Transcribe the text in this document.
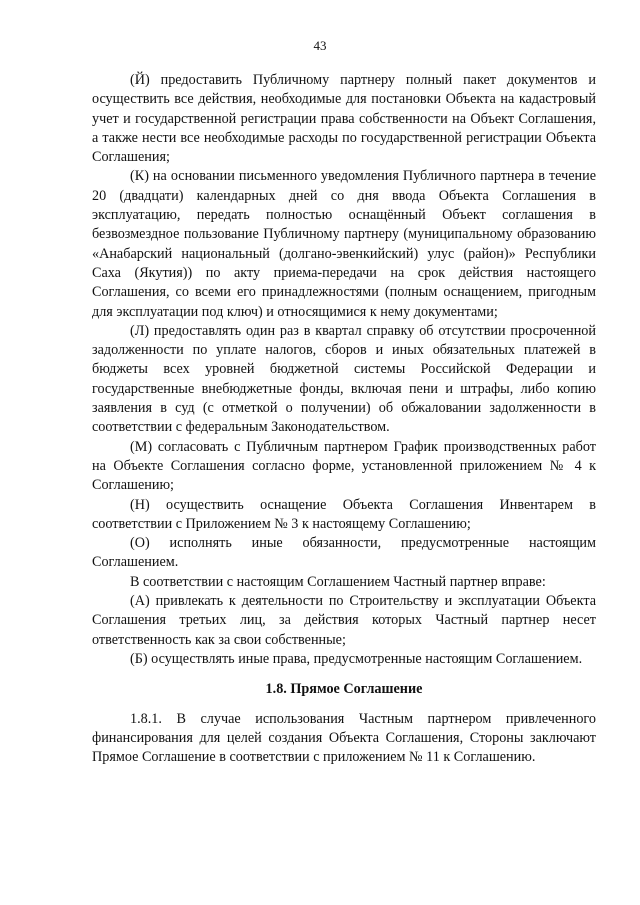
43

(Й) предоставить Публичному партнеру полный пакет документов и осуществить все действия, необходимые для постановки Объекта на кадастровый учет и государственной регистрации права собственности на Объект Соглашения, а также нести все необходимые расходы по государственной регистрации Объекта Соглашения;

(К) на основании письменного уведомления Публичного партнера в течение 20 (двадцати) календарных дней со дня ввода Объекта Соглашения в эксплуатацию, передать полностью оснащённый Объект соглашения в безвозмездное пользование Публичному партнеру (муниципальному образованию «Анабарский национальный (долгано-эвенкийский) улус (район)» Республики Саха (Якутия)) по акту приема-передачи на срок действия настоящего Соглашения, со всеми его принадлежностями (полным оснащением, пригодным для эксплуатации под ключ) и относящимися к нему документами;

(Л) предоставлять один раз в квартал справку об отсутствии просроченной задолженности по уплате налогов, сборов и иных обязательных платежей в бюджеты всех уровней бюджетной системы Российской Федерации и государственные внебюджетные фонды, включая пени и штрафы, либо копию заявления в суд (с отметкой о получении) об обжаловании задолженности в соответствии с федеральным Законодательством.

(М) согласовать с Публичным партнером График производственных работ на Объекте Соглашения согласно форме, установленной приложением № 4 к Соглашению;

(Н) осуществить оснащение Объекта Соглашения Инвентарем в соответствии с Приложением № 3 к настоящему Соглашению;

(О) исполнять иные обязанности, предусмотренные настоящим Соглашением.

В соответствии с настоящим Соглашением Частный партнер вправе:

(А) привлекать к деятельности по Строительству и эксплуатации Объекта Соглашения третьих лиц, за действия которых Частный партнер несет ответственность как за свои собственные;

(Б) осуществлять иные права, предусмотренные настоящим Соглашением.

1.8. Прямое Соглашение

1.8.1. В случае использования Частным партнером привлеченного финансирования для целей создания Объекта Соглашения, Стороны заключают Прямое Соглашение в соответствии с приложением № 11 к Соглашению.
